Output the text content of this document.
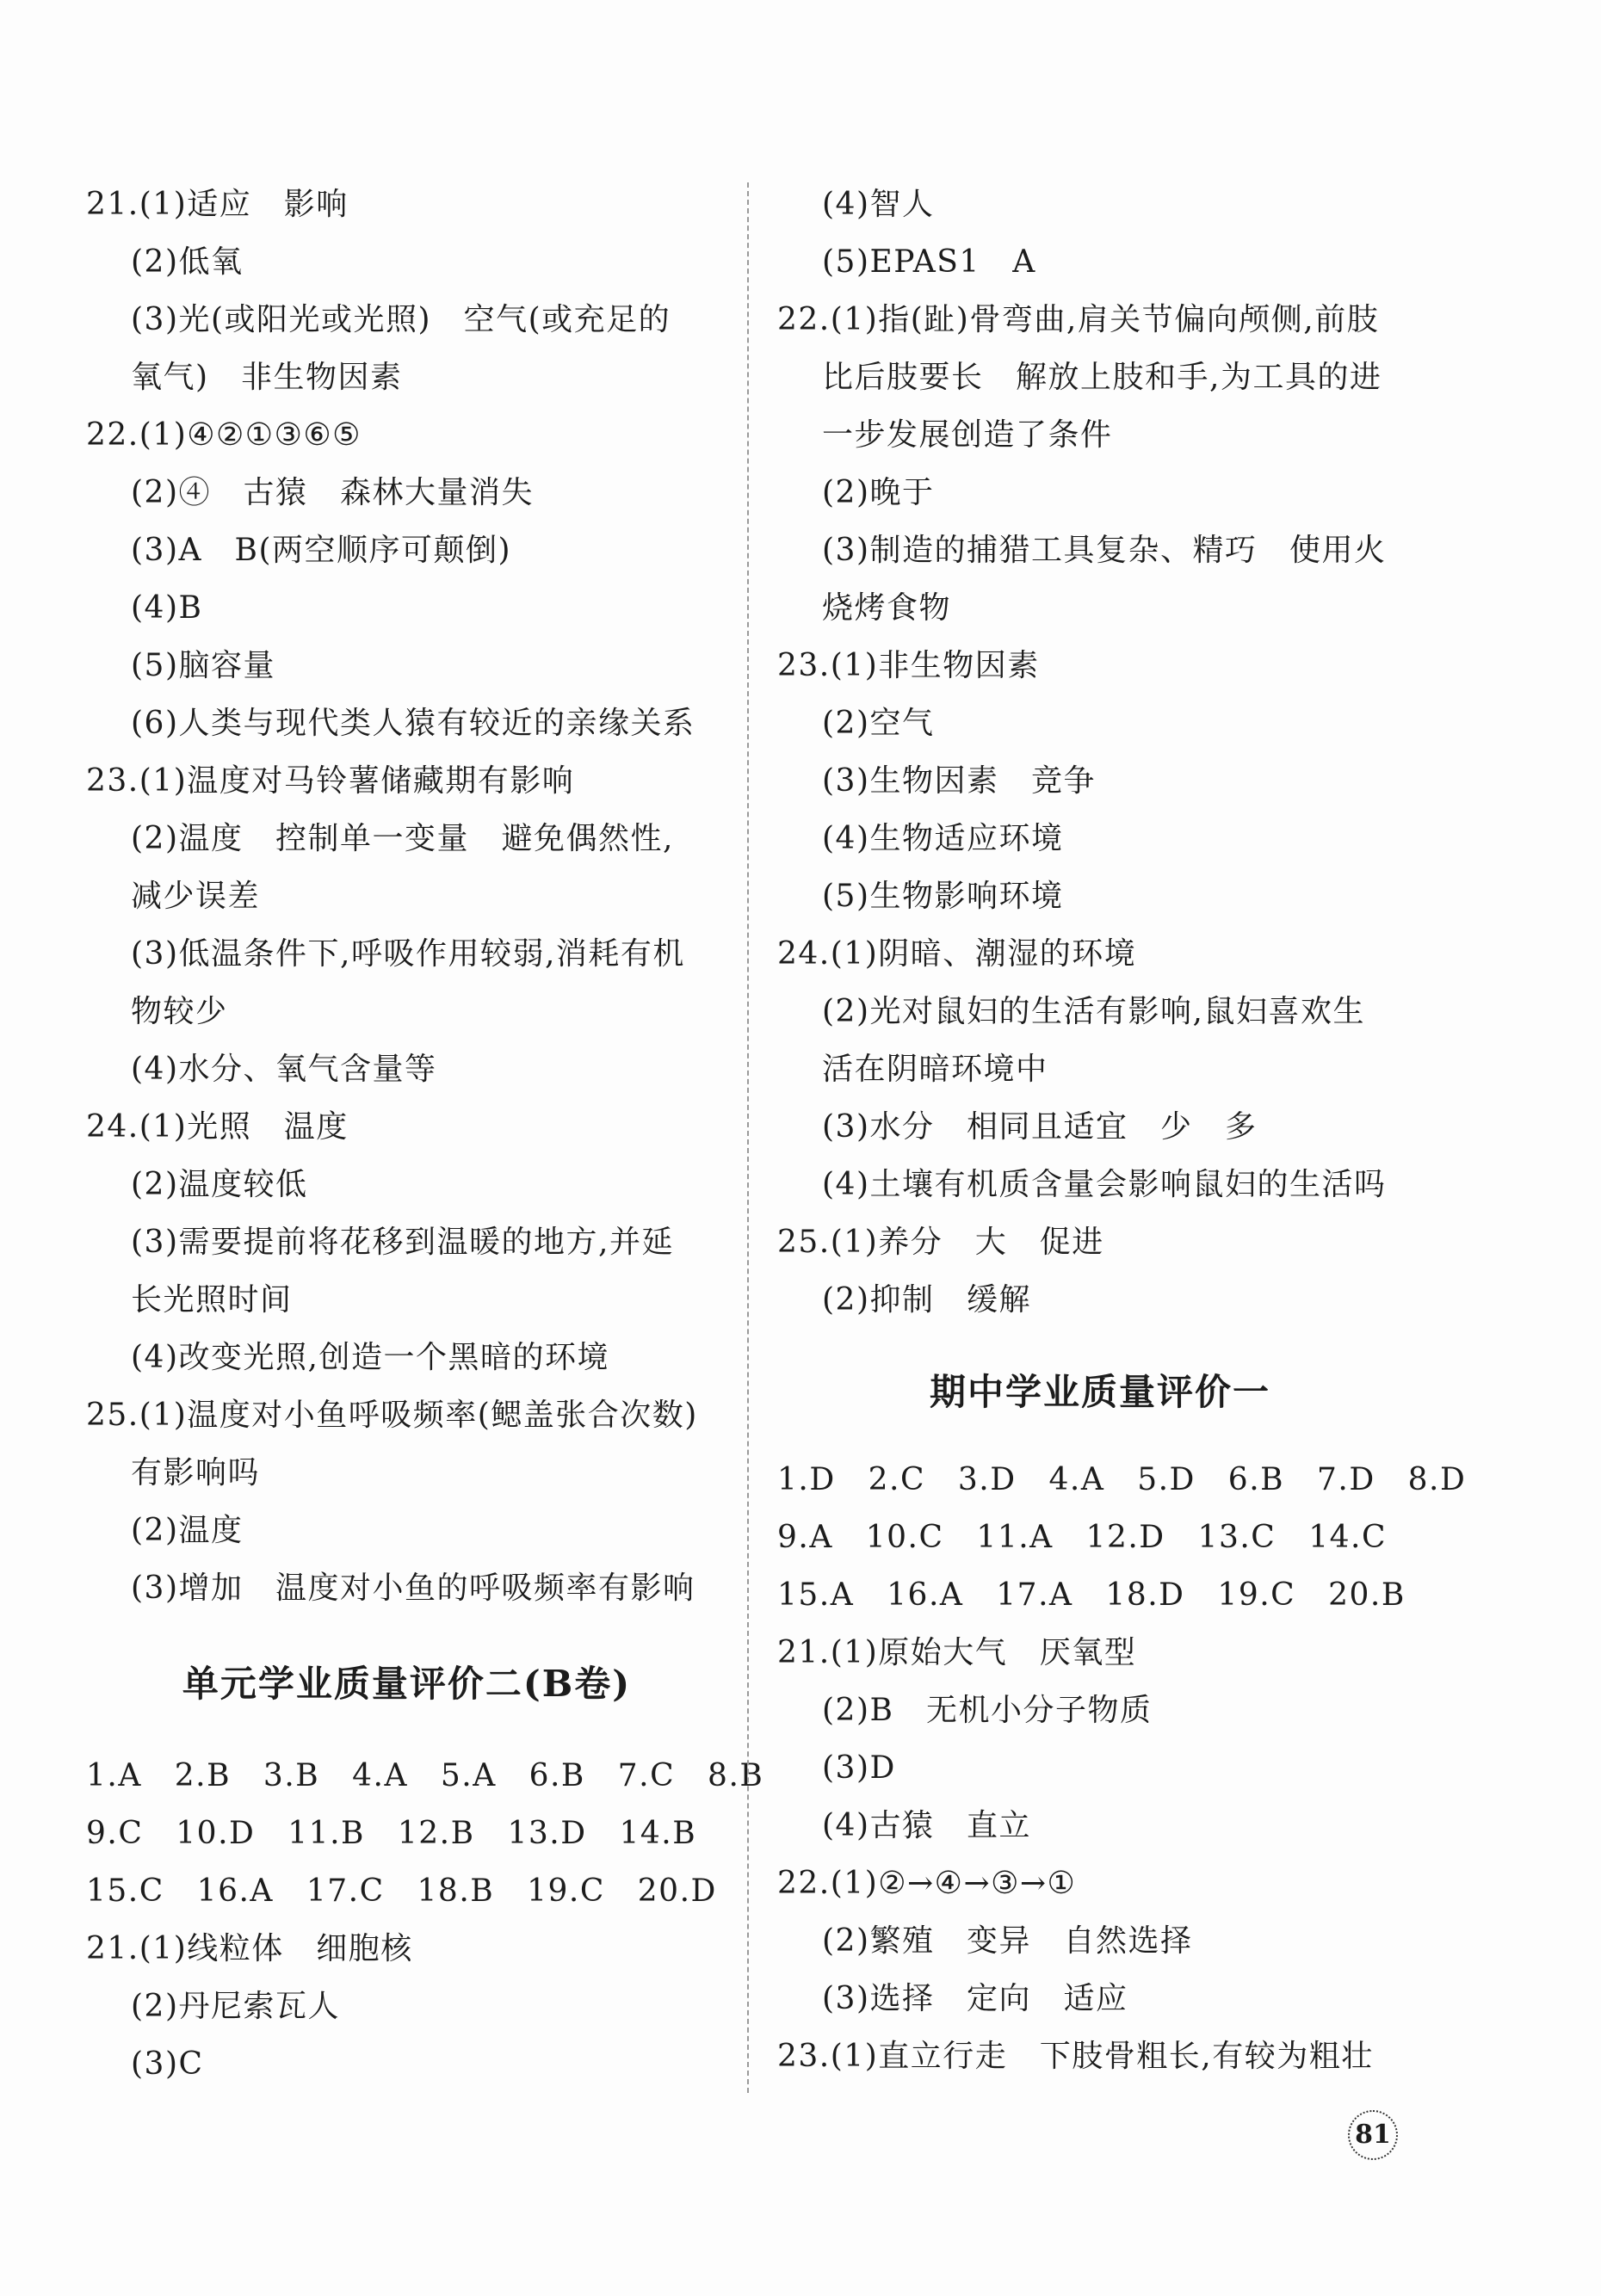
21.(1)适应　影响
(2)低氧
(3)光(或阳光或光照)　空气(或充足的
氧气)　非生物因素
22.(1)④②①③⑥⑤
(2)④　古猿　森林大量消失
(3)A　B(两空顺序可颠倒)
(4)B
(5)脑容量
(6)人类与现代类人猿有较近的亲缘关系
23.(1)温度对马铃薯储藏期有影响
(2)温度　控制单一变量　避免偶然性,
减少误差
(3)低温条件下,呼吸作用较弱,消耗有机
物较少
(4)水分、氧气含量等
24.(1)光照　温度
(2)温度较低
(3)需要提前将花移到温暖的地方,并延
长光照时间
(4)改变光照,创造一个黑暗的环境
25.(1)温度对小鱼呼吸频率(鳃盖张合次数)
有影响吗
(2)温度
(3)增加　温度对小鱼的呼吸频率有影响
单元学业质量评价二(B卷)
1.A  2.B  3.B  4.A  5.A  6.B  7.C  8.B
9.C  10.D  11.B  12.B  13.D  14.B
15.C  16.A  17.C  18.B  19.C  20.D
21.(1)线粒体　细胞核
(2)丹尼索瓦人
(3)C
(4)智人
(5)EPAS1　A
22.(1)指(趾)骨弯曲,肩关节偏向颅侧,前肢
比后肢要长　解放上肢和手,为工具的进
一步发展创造了条件
(2)晚于
(3)制造的捕猎工具复杂、精巧　使用火
烧烤食物
23.(1)非生物因素
(2)空气
(3)生物因素　竞争
(4)生物适应环境
(5)生物影响环境
24.(1)阴暗、潮湿的环境
(2)光对鼠妇的生活有影响,鼠妇喜欢生
活在阴暗环境中
(3)水分　相同且适宜　少　多
(4)土壤有机质含量会影响鼠妇的生活吗
25.(1)养分　大　促进
(2)抑制　缓解
期中学业质量评价一
1.D  2.C  3.D  4.A  5.D  6.B  7.D  8.D
9.A  10.C  11.A  12.D  13.C  14.C
15.A  16.A  17.A  18.D  19.C  20.B
21.(1)原始大气　厌氧型
(2)B　无机小分子物质
(3)D
(4)古猿　直立
22.(1)②→④→③→①
(2)繁殖　变异　自然选择
(3)选择　定向　适应
23.(1)直立行走　下肢骨粗长,有较为粗壮
81
